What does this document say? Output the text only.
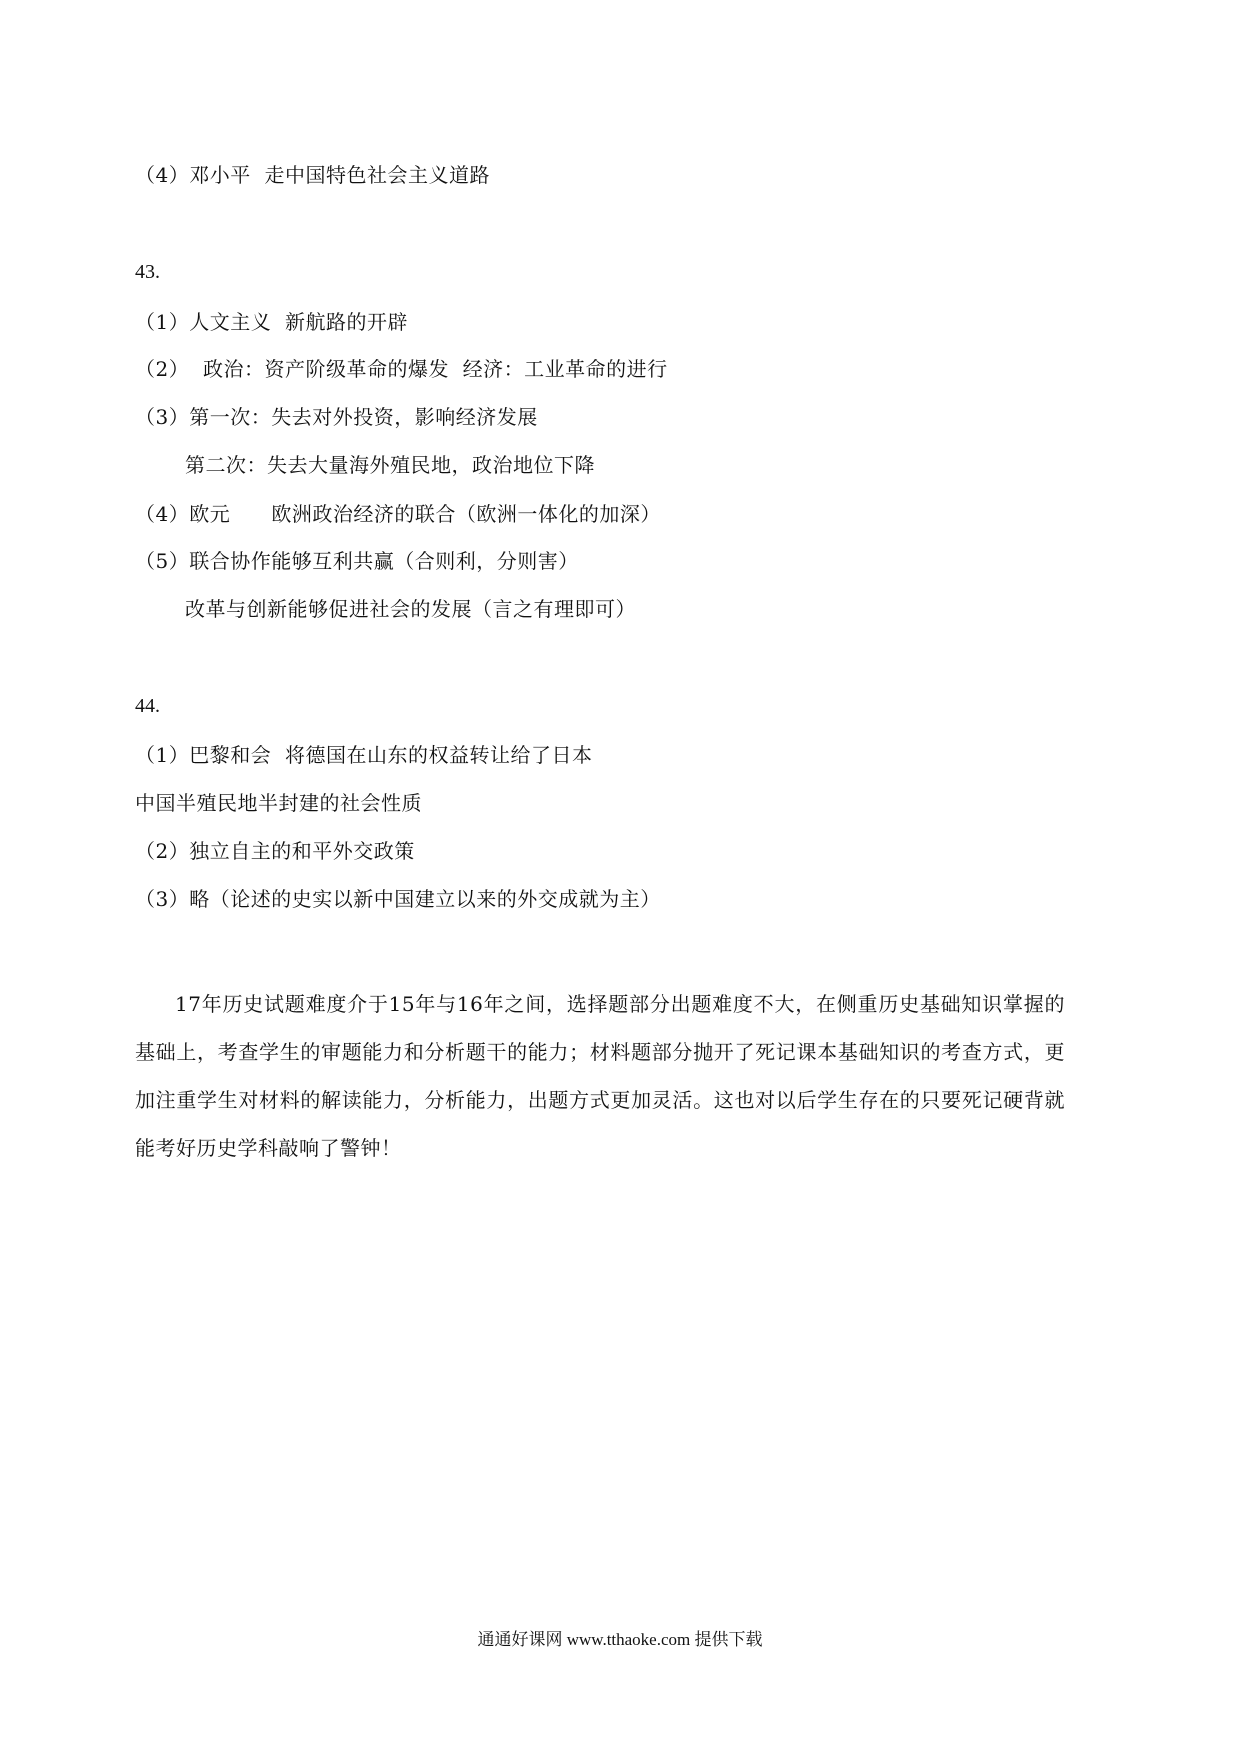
（4）邓小平  走中国特色社会主义道路
43.
（1）人文主义  新航路的开辟
（2）  政治：资产阶级革命的爆发  经济：工业革命的进行
（3）第一次：失去对外投资，影响经济发展
第二次：失去大量海外殖民地，政治地位下降
（4）欧元      欧洲政治经济的联合（欧洲一体化的加深）
（5）联合协作能够互利共赢（合则利，分则害）
改革与创新能够促进社会的发展（言之有理即可）
44.
（1）巴黎和会  将德国在山东的权益转让给了日本
中国半殖民地半封建的社会性质
（2）独立自主的和平外交政策
（3）略（论述的史实以新中国建立以来的外交成就为主）
17年历史试题难度介于15年与16年之间，选择题部分出题难度不大，在侧重历史基础知识掌握的基础上，考查学生的审题能力和分析题干的能力；材料题部分抛开了死记课本基础知识的考查方式，更加注重学生对材料的解读能力，分析能力，出题方式更加灵活。这也对以后学生存在的只要死记硬背就能考好历史学科敲响了警钟！
通通好课网 www.tthaoke.com 提供下载
